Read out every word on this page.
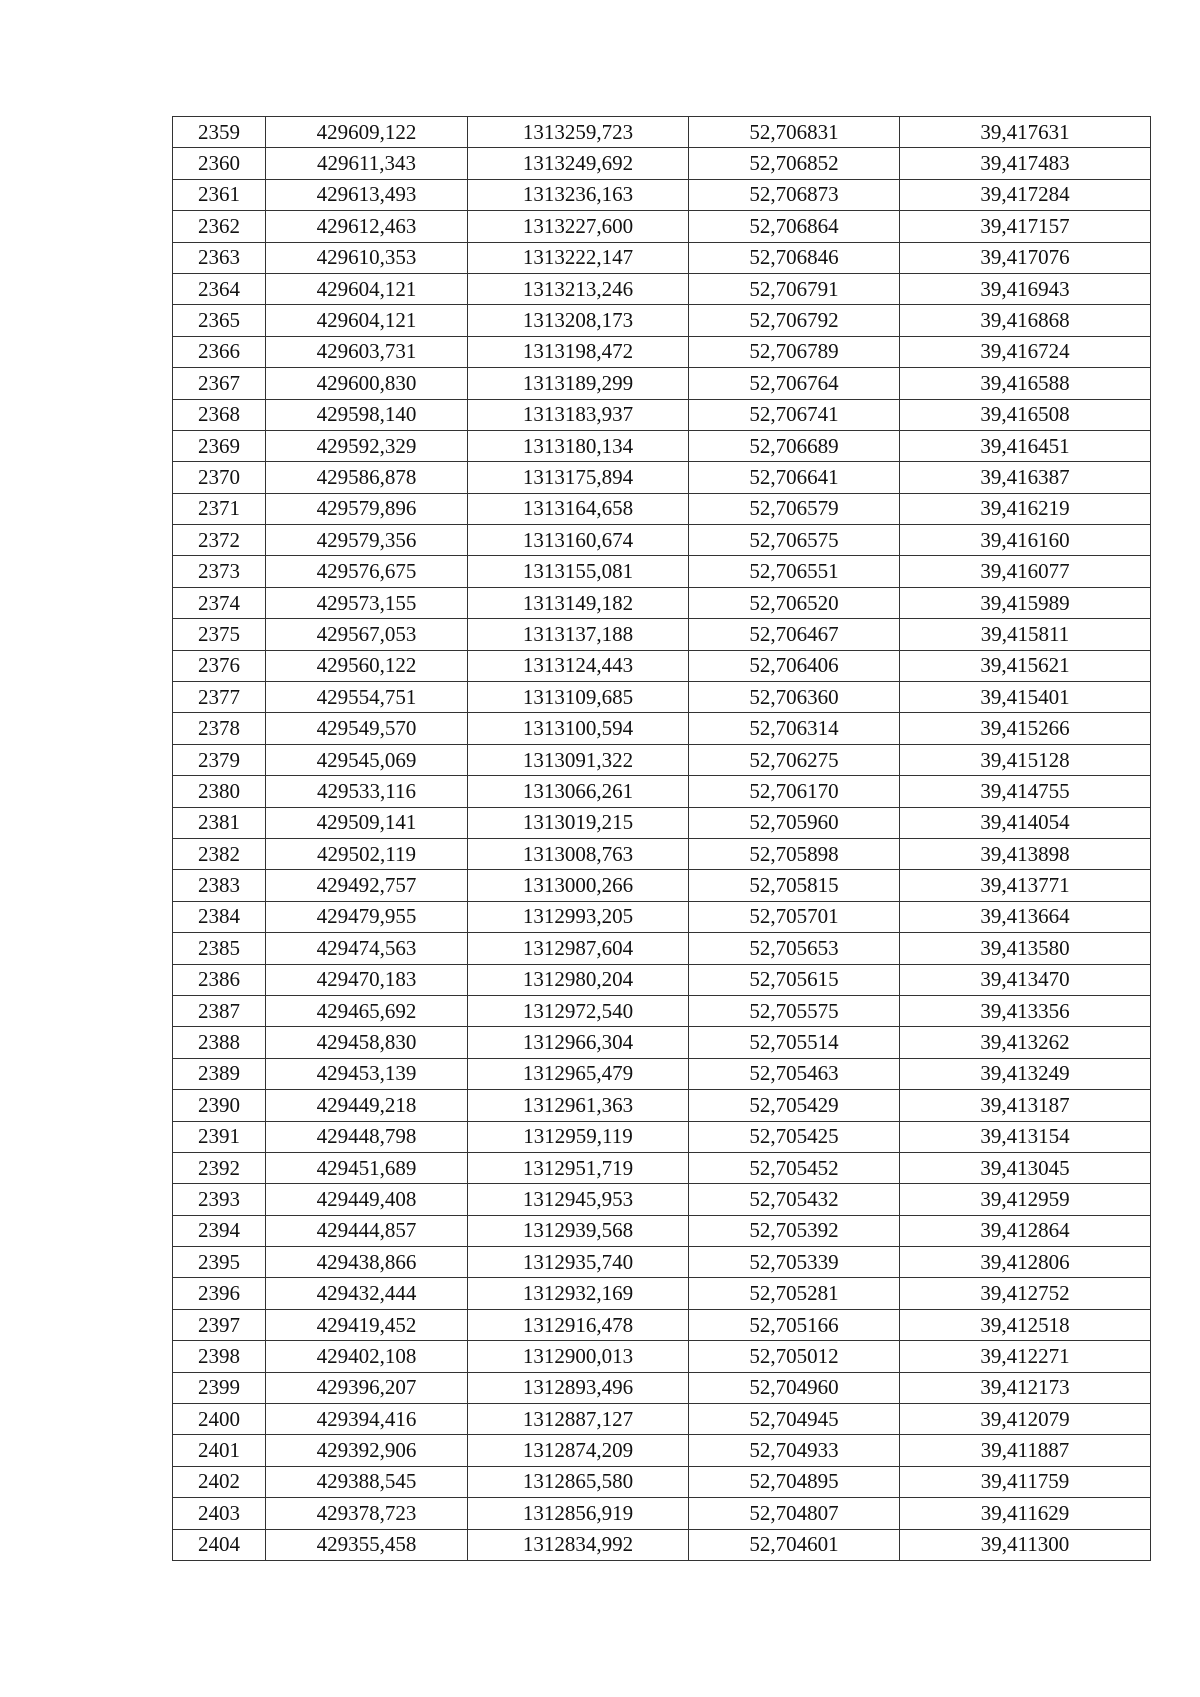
2359	429609,122	1313259,723	52,706831	39,417631
2360	429611,343	1313249,692	52,706852	39,417483
2361	429613,493	1313236,163	52,706873	39,417284
2362	429612,463	1313227,600	52,706864	39,417157
2363	429610,353	1313222,147	52,706846	39,417076
2364	429604,121	1313213,246	52,706791	39,416943
2365	429604,121	1313208,173	52,706792	39,416868
2366	429603,731	1313198,472	52,706789	39,416724
2367	429600,830	1313189,299	52,706764	39,416588
2368	429598,140	1313183,937	52,706741	39,416508
2369	429592,329	1313180,134	52,706689	39,416451
2370	429586,878	1313175,894	52,706641	39,416387
2371	429579,896	1313164,658	52,706579	39,416219
2372	429579,356	1313160,674	52,706575	39,416160
2373	429576,675	1313155,081	52,706551	39,416077
2374	429573,155	1313149,182	52,706520	39,415989
2375	429567,053	1313137,188	52,706467	39,415811
2376	429560,122	1313124,443	52,706406	39,415621
2377	429554,751	1313109,685	52,706360	39,415401
2378	429549,570	1313100,594	52,706314	39,415266
2379	429545,069	1313091,322	52,706275	39,415128
2380	429533,116	1313066,261	52,706170	39,414755
2381	429509,141	1313019,215	52,705960	39,414054
2382	429502,119	1313008,763	52,705898	39,413898
2383	429492,757	1313000,266	52,705815	39,413771
2384	429479,955	1312993,205	52,705701	39,413664
2385	429474,563	1312987,604	52,705653	39,413580
2386	429470,183	1312980,204	52,705615	39,413470
2387	429465,692	1312972,540	52,705575	39,413356
2388	429458,830	1312966,304	52,705514	39,413262
2389	429453,139	1312965,479	52,705463	39,413249
2390	429449,218	1312961,363	52,705429	39,413187
2391	429448,798	1312959,119	52,705425	39,413154
2392	429451,689	1312951,719	52,705452	39,413045
2393	429449,408	1312945,953	52,705432	39,412959
2394	429444,857	1312939,568	52,705392	39,412864
2395	429438,866	1312935,740	52,705339	39,412806
2396	429432,444	1312932,169	52,705281	39,412752
2397	429419,452	1312916,478	52,705166	39,412518
2398	429402,108	1312900,013	52,705012	39,412271
2399	429396,207	1312893,496	52,704960	39,412173
2400	429394,416	1312887,127	52,704945	39,412079
2401	429392,906	1312874,209	52,704933	39,411887
2402	429388,545	1312865,580	52,704895	39,411759
2403	429378,723	1312856,919	52,704807	39,411629
2404	429355,458	1312834,992	52,704601	39,411300
